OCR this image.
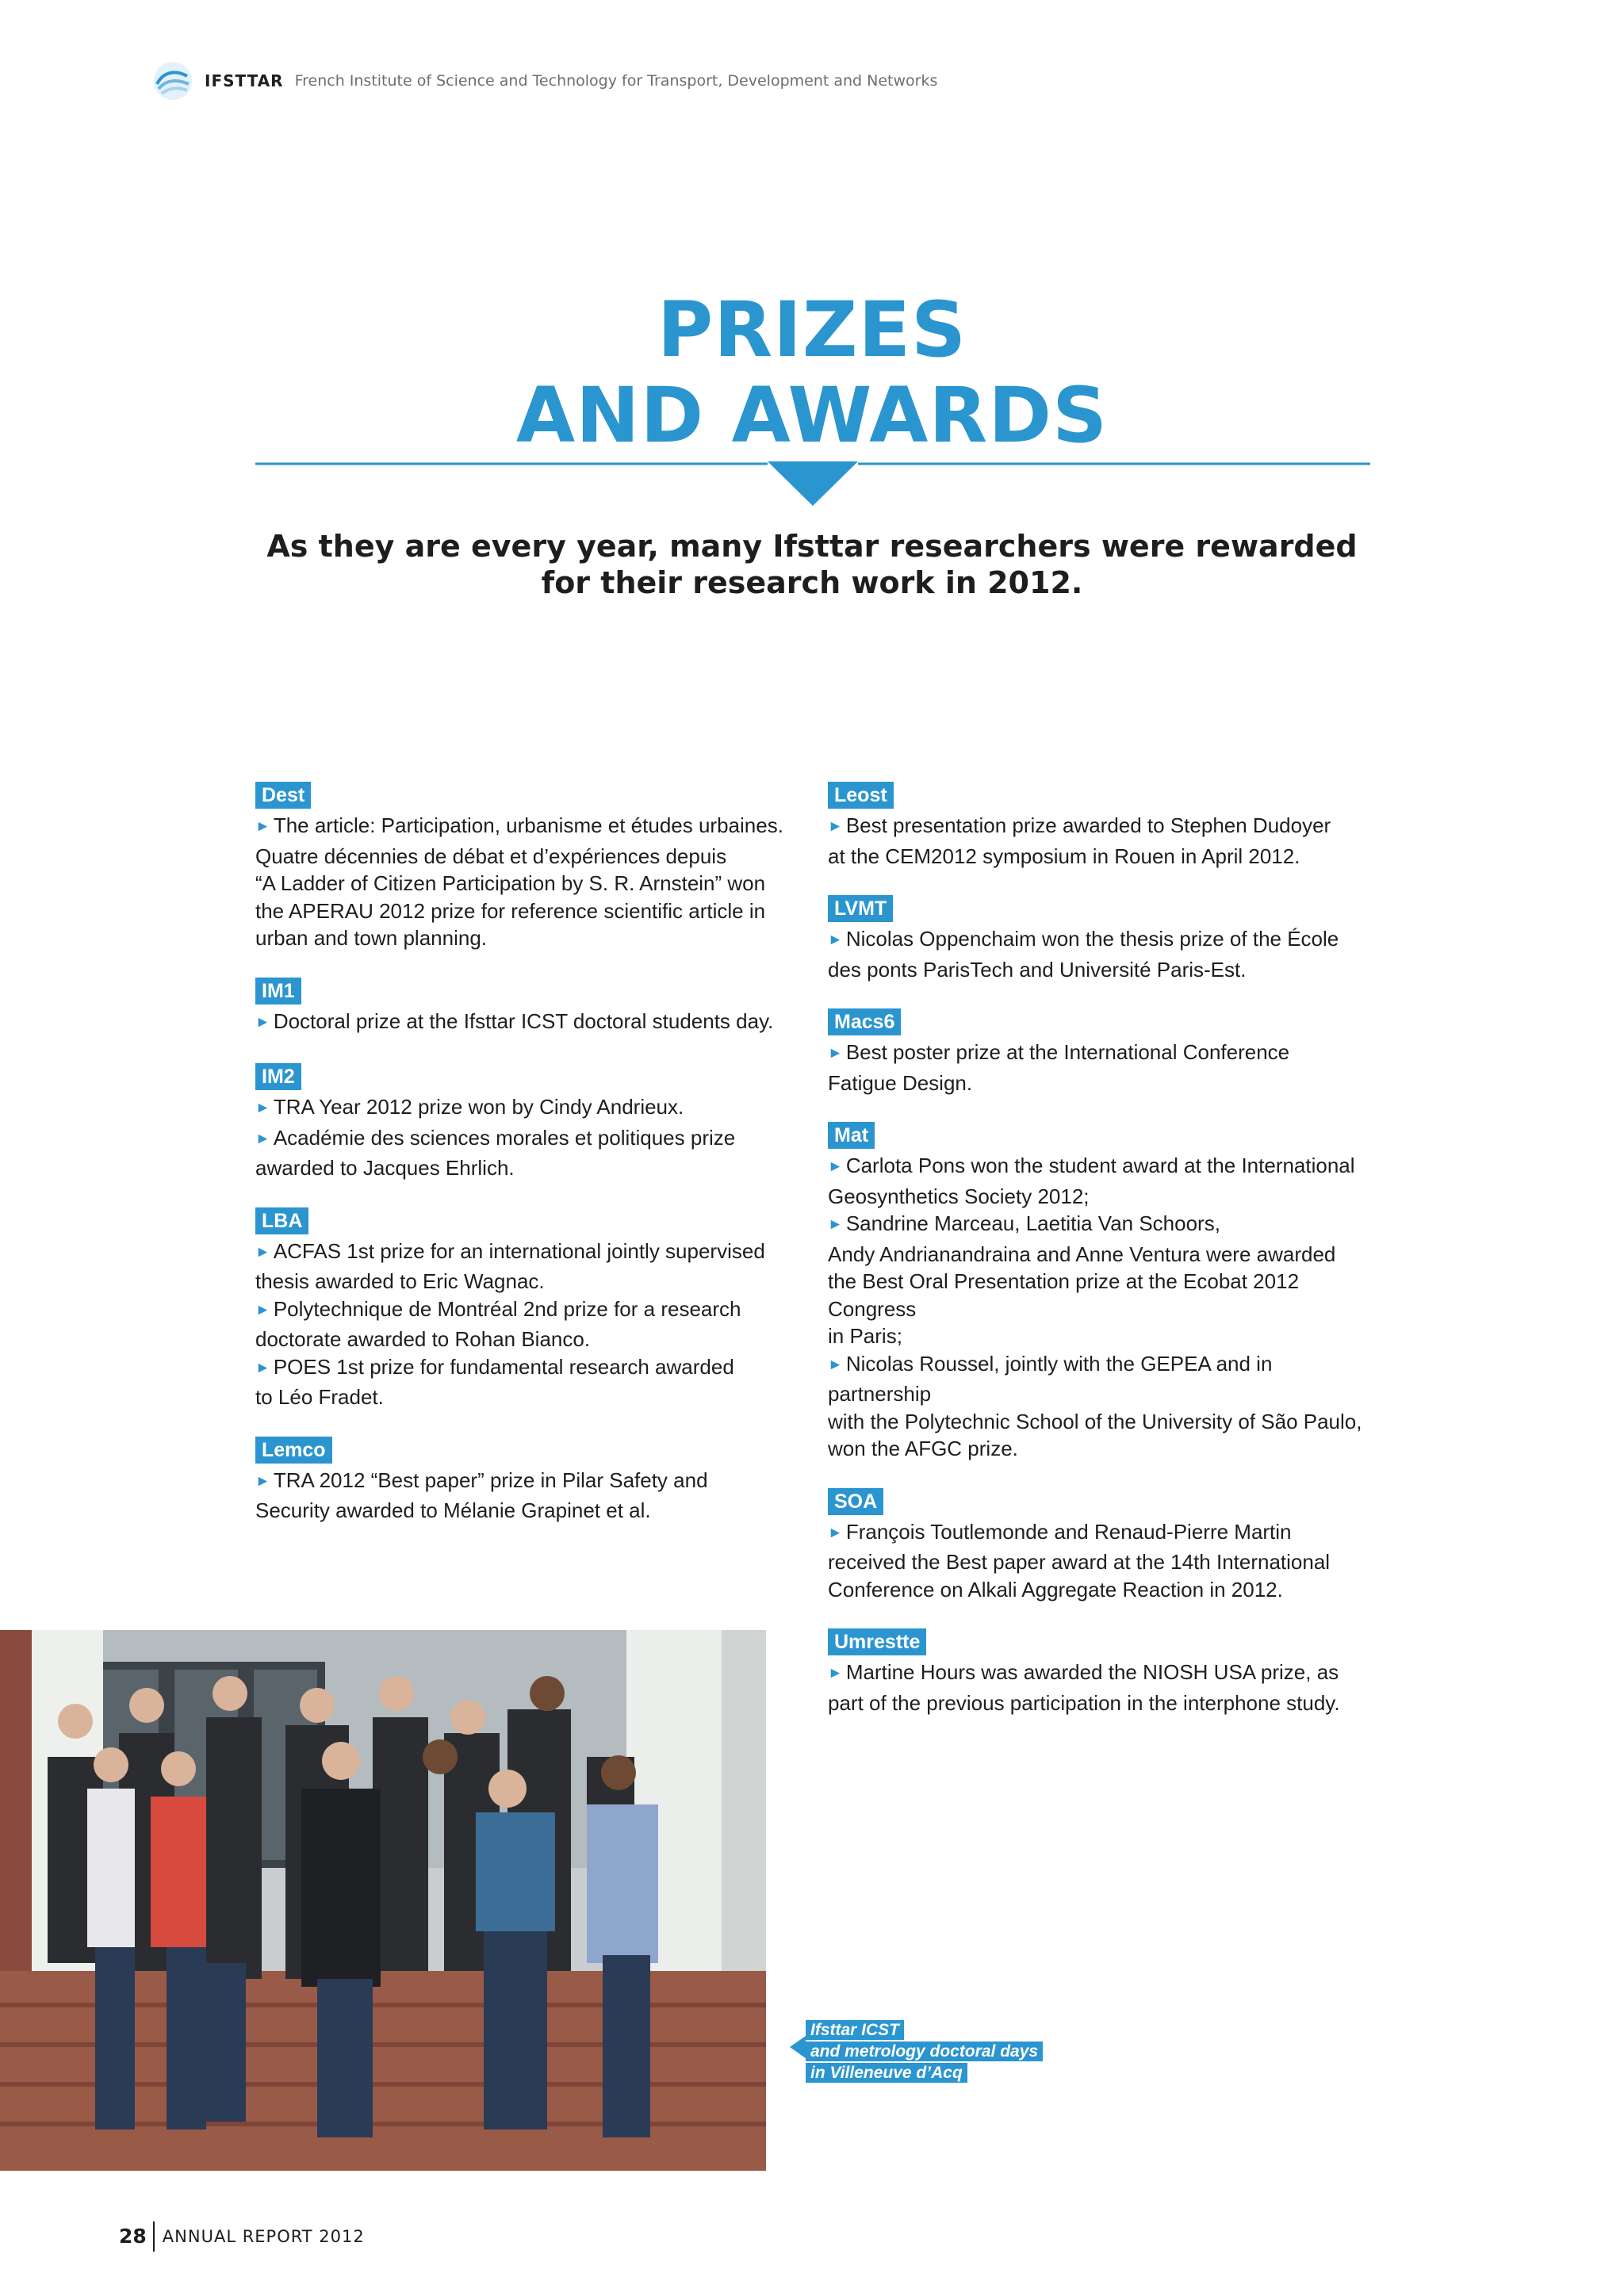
IFSTTAR French Institute of Science and Technology for Transport, Development and Networks
PRIZES
AND AWARDS
As they are every year, many Ifsttar researchers were rewarded
for their research work in 2012.
Dest
► The article: Participation, urbanisme et études urbaines.
Quatre décennies de débat et d’expériences depuis
“A Ladder of Citizen Participation by S. R. Arnstein” won
the APERAU 2012 prize for reference scientific article in
urban and town planning.
IM1
► Doctoral prize at the Ifsttar ICST doctoral students day.
IM2
► TRA Year 2012 prize won by Cindy Andrieux.
► Académie des sciences morales et politiques prize
awarded to Jacques Ehrlich.
LBA
► ACFAS 1st prize for an international jointly supervised
thesis awarded to Eric Wagnac.
► Polytechnique de Montréal 2nd prize for a research
doctorate awarded to Rohan Bianco.
► POES 1st prize for fundamental research awarded
to Léo Fradet.
Lemco
► TRA 2012 “Best paper” prize in Pilar Safety and
Security awarded to Mélanie Grapinet et al.
Leost
► Best presentation prize awarded to Stephen Dudoyer
at the CEM2012 symposium in Rouen in April 2012.
LVMT
► Nicolas Oppenchaim won the thesis prize of the École
des ponts ParisTech and Université Paris-Est.
Macs6
► Best poster prize at the International Conference
Fatigue Design.
Mat
► Carlota Pons won the student award at the International
Geosynthetics Society 2012;
► Sandrine Marceau, Laetitia Van Schoors,
Andy Andrianandraina and Anne Ventura were awarded
the Best Oral Presentation prize at the Ecobat 2012 Congress
in Paris;
► Nicolas Roussel, jointly with the GEPEA and in partnership
with the Polytechnic School of the University of São Paulo,
won the AFGC prize.
SOA
► François Toutlemonde and Renaud-Pierre Martin
received the Best paper award at the 14th International
Conference on Alkali Aggregate Reaction in 2012.
Umrestte
► Martine Hours was awarded the NIOSH USA prize, as
part of the previous participation in the interphone study.
Ifsttar ICST
and metrology doctoral days
in Villeneuve d’Acq
28 ANNUAL REPORT 2012
